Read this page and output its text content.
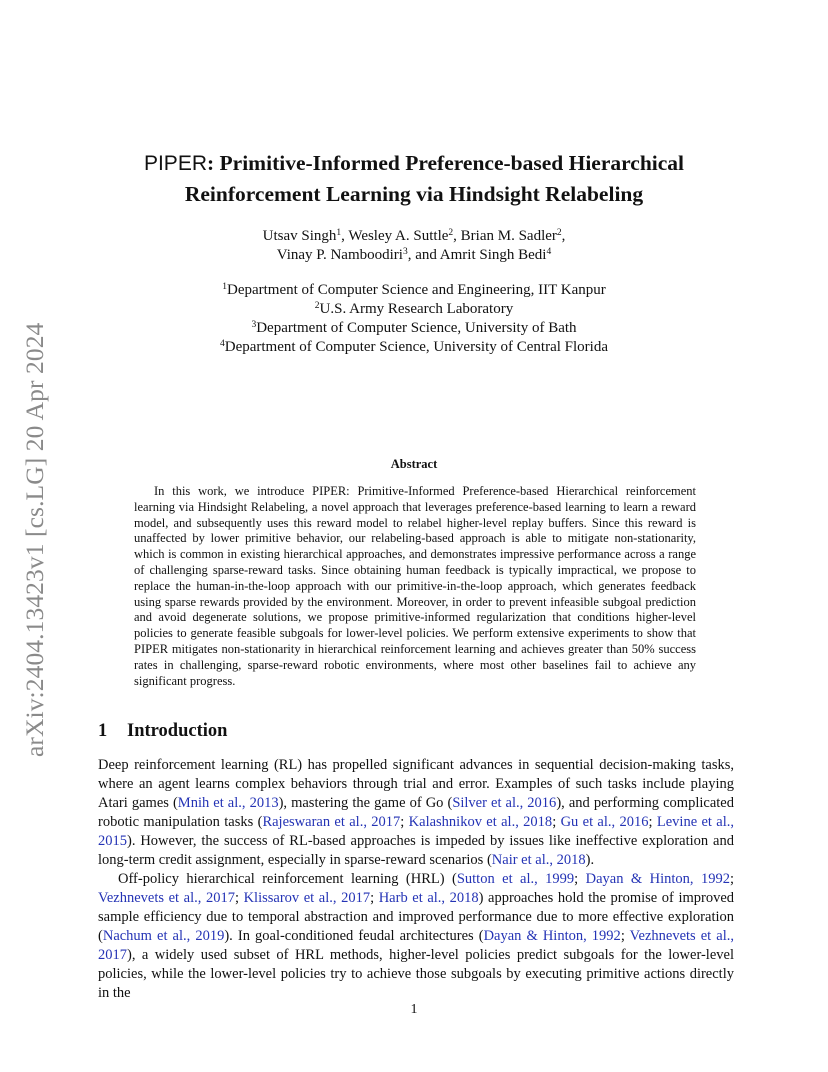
arXiv:2404.13423v1 [cs.LG] 20 Apr 2024
PIPER: Primitive-Informed Preference-based Hierarchical
Reinforcement Learning via Hindsight Relabeling
Utsav Singh$^1$, Wesley A. Suttle$^2$, Brian M. Sadler$^2$,
Vinay P. Namboodiri$^3$, and Amrit Singh Bedi$^4$
$^1$Department of Computer Science and Engineering, IIT Kanpur
$^2$U.S. Army Research Laboratory
$^3$Department of Computer Science, University of Bath
$^4$Department of Computer Science, University of Central Florida
Abstract

In this work, we introduce PIPER: Primitive-Informed Preference-based Hierarchical reinforcement learning via Hindsight Relabeling, a novel approach that leverages preference-based learning to learn a reward model, and subsequently uses this reward model to relabel higher-level replay buffers. Since this reward is unaffected by lower primitive behavior, our relabeling-based approach is able to mitigate non-stationarity, which is common in existing hierarchical approaches, and demonstrates impressive performance across a range of challenging sparse-reward tasks. Since obtaining human feedback is typically impractical, we propose to replace the human-in-the-loop approach with our primitive-in-the-loop approach, which generates feedback using sparse rewards provided by the environment. Moreover, in order to prevent infeasible subgoal prediction and avoid degenerate solutions, we propose primitive-informed regularization that conditions higher-level policies to generate feasible subgoals for lower-level policies. We perform extensive experiments to show that PIPER mitigates non-stationarity in hierarchical reinforcement learning and achieves greater than 50% success rates in challenging, sparse-reward robotic environments, where most other baselines fail to achieve any significant progress.

1 Introduction

Deep reinforcement learning (RL) has propelled significant advances in sequential decision-making tasks, where an agent learns complex behaviors through trial and error. Examples of such tasks include playing Atari games (Mnih et al., 2013), mastering the game of Go (Silver et al., 2016), and performing complicated robotic manipulation tasks (Rajeswaran et al., 2017; Kalashnikov et al., 2018; Gu et al., 2016; Levine et al., 2015). However, the success of RL-based approaches is impeded by issues like ineffective exploration and long-term credit assignment, especially in sparse-reward scenarios (Nair et al., 2018).

Off-policy hierarchical reinforcement learning (HRL) (Sutton et al., 1999; Dayan & Hinton, 1992; Vezhnevets et al., 2017; Klissarov et al., 2017; Harb et al., 2018) approaches hold the promise of improved sample efficiency due to temporal abstraction and improved performance due to more effective exploration (Nachum et al., 2019). In goal-conditioned feudal architectures (Dayan & Hinton, 1992; Vezhnevets et al., 2017), a widely used subset of HRL methods, higher-level policies predict subgoals for the lower-level policies, while the lower-level policies try to achieve those subgoals by executing primitive actions directly in the

1
